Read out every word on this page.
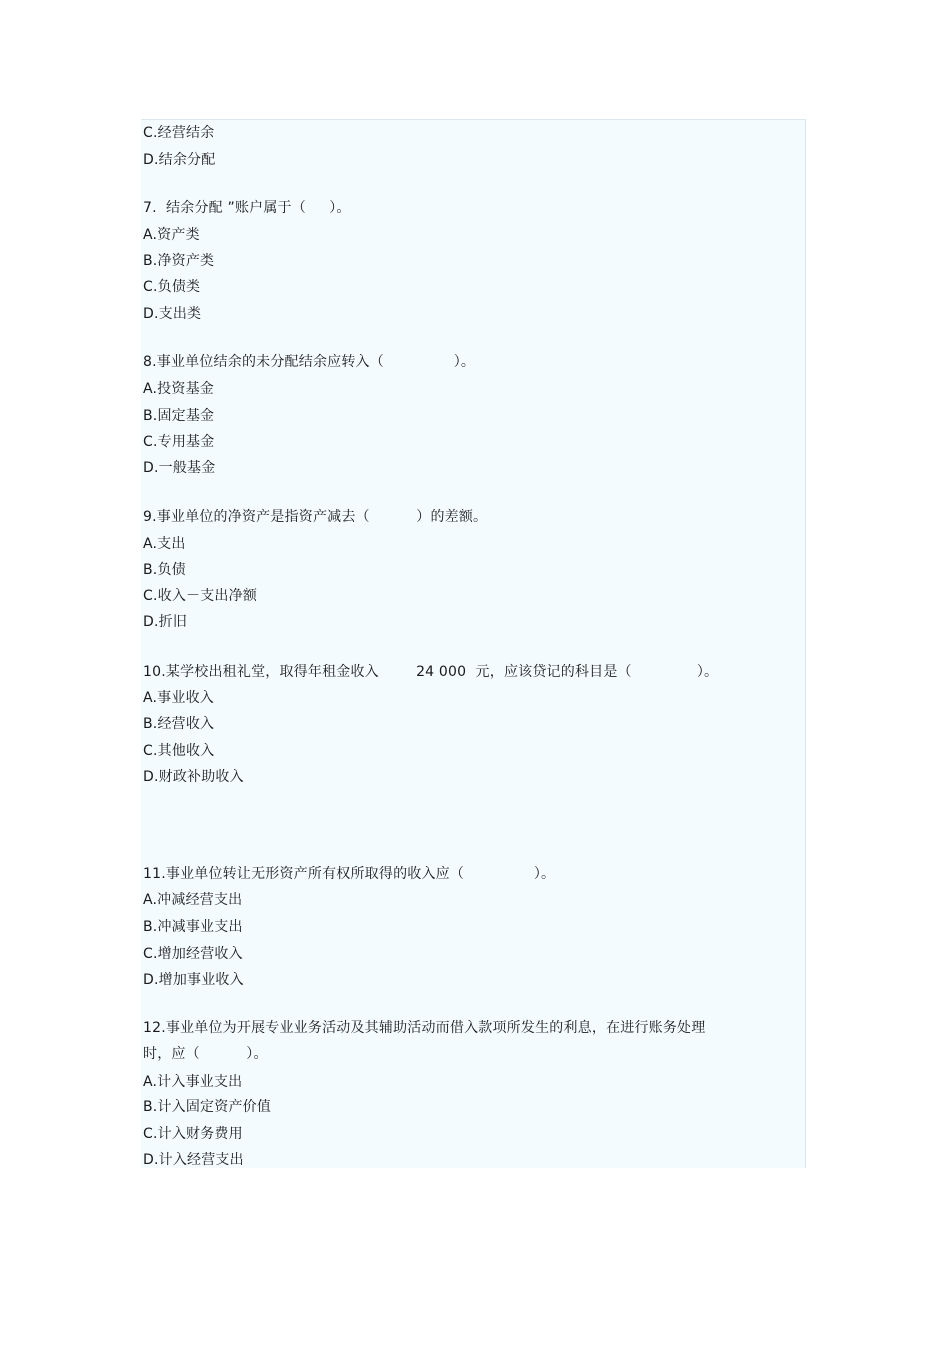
C.经营结余
D.结余分配
7.  结余分配 ”账户属于（     ）。
A.资产类
B.净资产类
C.负债类
D.支出类
8.事业单位结余的未分配结余应转入（               ）。
A.投资基金
B.固定基金
C.专用基金
D.一般基金
9.事业单位的净资产是指资产减去（          ）的差额。
A.支出
B.负债
C.收入－支出净额
D.折旧
10.某学校出租礼堂，取得年租金收入        24 000  元，应该贷记的科目是（              ）。
A.事业收入
B.经营收入
C.其他收入
D.财政补助收入
11.事业单位转让无形资产所有权所取得的收入应（               ）。
A.冲减经营支出
B.冲减事业支出
C.增加经营收入
D.增加事业收入
12.事业单位为开展专业业务活动及其辅助活动而借入款项所发生的利息，在进行账务处理
时，应（          ）。
A.计入事业支出
B.计入固定资产价值
C.计入财务费用
D.计入经营支出
